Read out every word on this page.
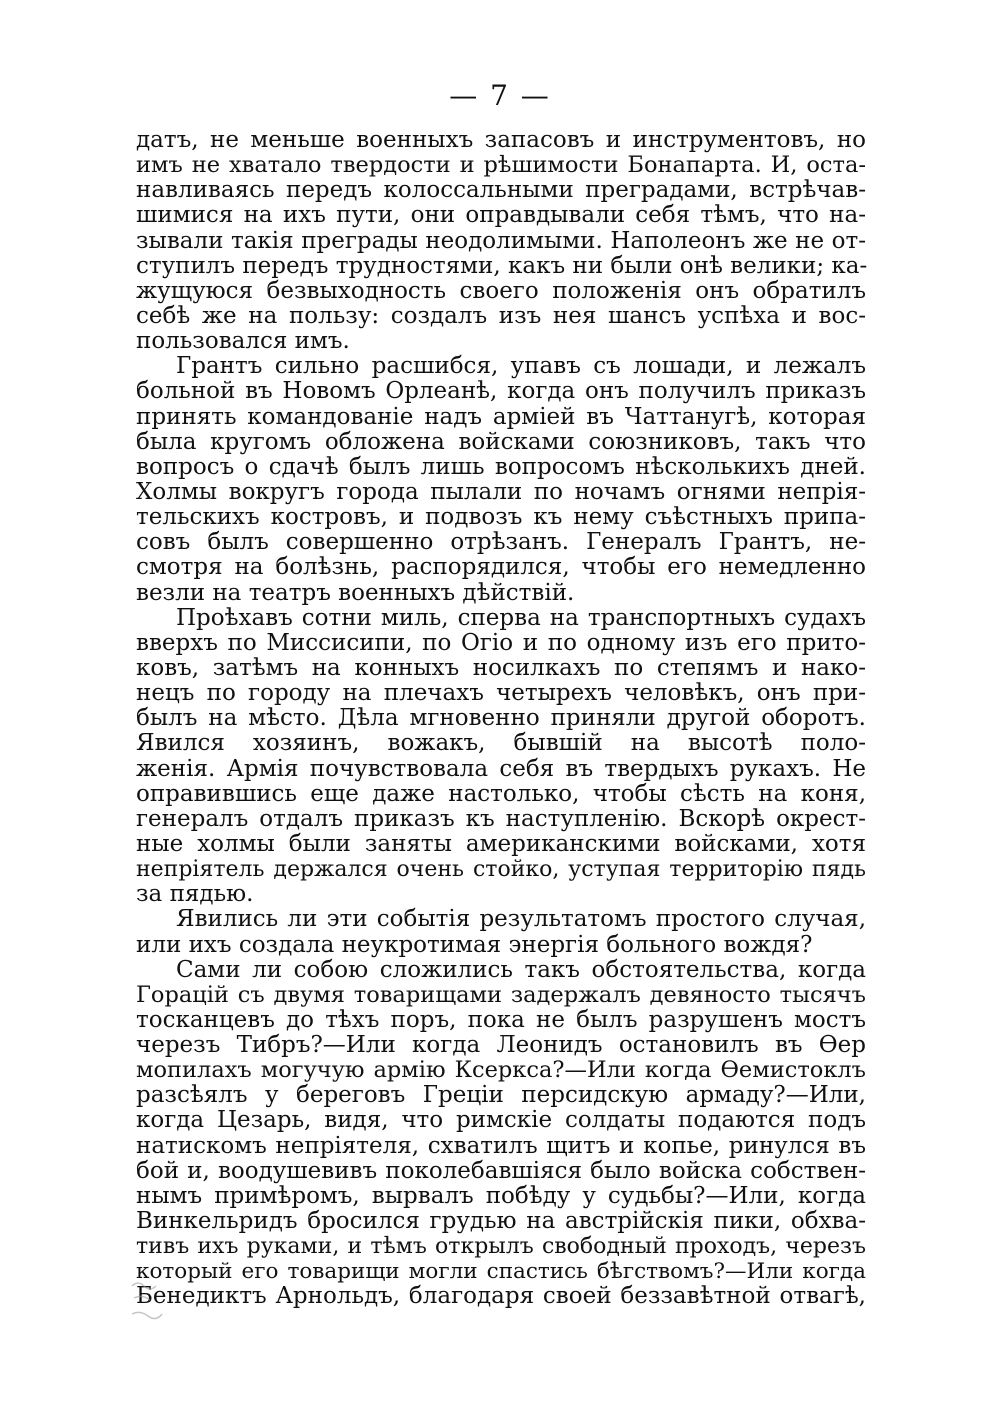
— 7 —
датъ, не меньше военныхъ запасовъ и инструментовъ, но
имъ не хватало твердости и рѣшимости Бонапарта. И, оста-
навливаясь передъ колоссальными преградами, встрѣчав-
шимися на ихъ пути, они оправдывали себя тѣмъ, что на-
зывали такія преграды неодолимыми. Наполеонъ же не от-
ступилъ передъ трудностями, какъ ни были онѣ велики; ка-
жущуюся безвыходность своего положенія онъ обратилъ
себѣ же на пользу: создалъ изъ нея шансъ успѣха и вос-
пользовался имъ.
Грантъ сильно расшибся, упавъ съ лошади, и лежалъ
больной въ Новомъ Орлеанѣ, когда онъ получилъ приказъ
принять командованіе надъ арміей въ Чаттанугѣ, которая
была кругомъ обложена войсками союзниковъ, такъ что
вопросъ о сдачѣ былъ лишь вопросомъ нѣсколькихъ дней.
Холмы вокругъ города пылали по ночамъ огнями непрія-
тельскихъ костровъ, и подвозъ къ нему съѣстныхъ припа-
совъ былъ совершенно отрѣзанъ. Генералъ Грантъ, не-
смотря на болѣзнь, распорядился, чтобы его немедленно
везли на театръ военныхъ дѣйствій.
Проѣхавъ сотни миль, сперва на транспортныхъ судахъ
вверхъ по Миссисипи, по Огіо и по одному изъ его прито-
ковъ, затѣмъ на конныхъ носилкахъ по степямъ и нако-
нецъ по городу на плечахъ четырехъ человѣкъ, онъ при-
былъ на мѣсто. Дѣла мгновенно приняли другой оборотъ.
Явился хозяинъ, вожакъ, бывшій на высотѣ поло-
женія. Армія почувствовала себя въ твердыхъ рукахъ. Не
оправившись еще даже настолько, чтобы сѣсть на коня,
генералъ отдалъ приказъ къ наступленію. Вскорѣ окрест-
ные холмы были заняты американскими войсками, хотя
непріятель держался очень стойко, уступая территорію пядь
за пядью.
Явились ли эти событія результатомъ простого случая,
или ихъ создала неукротимая энергія больного вождя?
Сами ли собою сложились такъ обстоятельства, когда
Горацій съ двумя товарищами задержалъ девяносто тысячъ
тосканцевъ до тѣхъ поръ, пока не былъ разрушенъ мостъ
черезъ Тибръ?—Или когда Леонидъ остановилъ въ Ѳер
мопилахъ могучую армію Ксеркса?—Или когда Ѳемистоклъ
разсѣялъ у береговъ Греціи персидскую армаду?—Или,
когда Цезарь, видя, что римскіе солдаты подаются подъ
натискомъ непріятеля, схватилъ щитъ и копье, ринулся въ
бой и, воодушевивъ поколебавшіяся было войска собствен-
нымъ примѣромъ, вырвалъ побѣду у судьбы?—Или, когда
Винкельридъ бросился грудью на австрійскія пики, обхва-
тивъ ихъ руками, и тѣмъ открылъ свободный проходъ, черезъ
который его товарищи могли спастись бѣгствомъ?—Или когда
Бенедиктъ Арнольдъ, благодаря своей беззавѣтной отвагѣ,
